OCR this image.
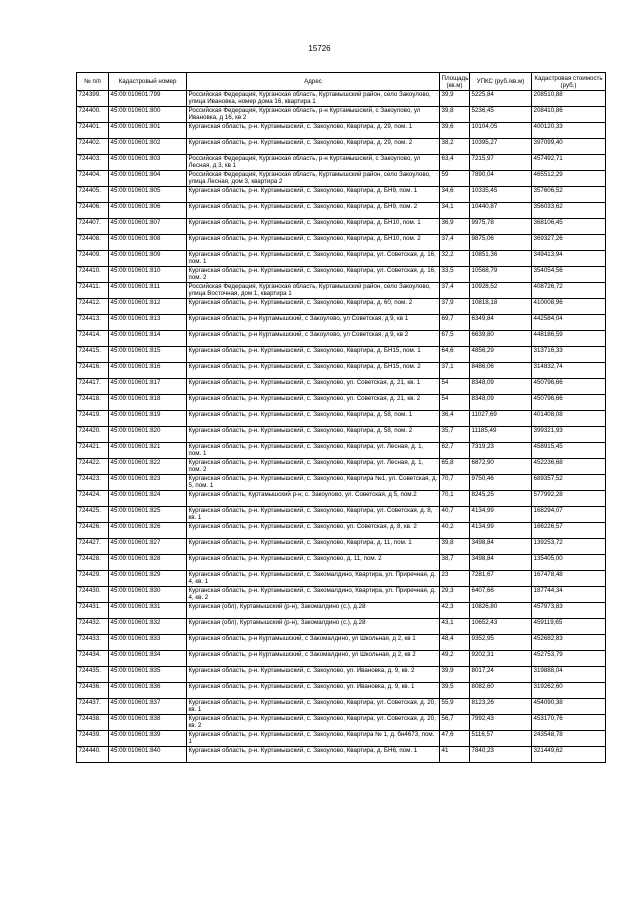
15726
№ п/п	Кадастровый номер	Адрес	Площадь (кв.м)	УПКС (руб./кв.м)	Кадастровая стоимость (руб.)
724399.	45:09:010601:799	Российская Федерация, Курганская область, Куртамышский район, село Закоулово, улица Ивановка, номер дома 16, квартира 1	39,9	5225,84	208510,88
724400.	45:09:010601:800	Российская Федерация, Курганская область, р-н Куртамышский, с Закоулово, ул Ивановка, д 16, кв 2	39,8	5236,45	208410,86
724401.	45:09:010601:801	Курганская область, р-н. Куртамышский, с. Закоулово, Квартира, д. 29, пом. 1	39,6	10104,05	400120,33
724402.	45:09:010601:802	Курганская область, р-н. Куртамышский, с. Закоулово, Квартира, д. 29, пом. 2	38,2	10395,27	397099,40
724403.	45:09:010601:803	Российская Федерация, Курганская область, р-н Куртамышский, с Закоулово, ул Лесная, д 3, кв 1	63,4	7215,97	457492,71
724404.	45:09:010601:804	Российская Федерация, Курганская область, Куртамышский район, село Закоулово, улица Лесная, дом 3, квартира 2	59	7890,04	465512,29
724405.	45:09:010601:805	Курганская область, р-н. Куртамышский, с. Закоулово, Квартира, д. БН9, пом. 1	34,6	10335,45	357606,52
724406.	45:09:010601:806	Курганская область, р-н. Куртамышский, с. Закоулово, Квартира, д. БН9, пом. 2	34,1	10440,87	356033,62
724407.	45:09:010601:807	Курганская область, р-н. Куртамышский, с. Закоулово, Квартира, д. БН10, пом. 1	36,9	9975,78	368106,45
724408.	45:09:010601:808	Курганская область, р-н. Куртамышский, с. Закоулово, Квартира, д. БН10, пом. 2	37,4	9875,06	369327,26
724409.	45:09:010601:809	Курганская область, р-н. Куртамышский, с. Закоулово, Квартира, ул. Советская, д. 16, пом. 1	32,2	10851,36	349413,94
724410.	45:09:010601:810	Курганская область, р-н. Куртамышский, с. Закоулово, Квартира, ул. Советская, д. 16, пом. 2	33,5	10568,79	354054,56
724411.	45:09:010601:811	Российская Федерация, Курганская область, Куртамышский район, село Закоулово, улица Восточная, дом 1, квартира 1	37,4	10928,52	408726,72
724412.	45:09:010601:812	Курганская область, р-н. Куртамышский, с. Закоулово, Квартира, д. 60, пом. 2	37,9	10818,18	410008,96
724413.	45:09:010601:813	Курганская область, р-н Куртамышский, с Закоулово, ул Советская, д 9, кв 1	69,7	6349,84	442584,04
724414.	45:09:010601:814	Курганская область, р-н Куртамышский, с Закоулово, ул Советская, д 9, кв 2	67,5	6639,80	448186,59
724415.	45:09:010601:815	Курганская область, р-н. Куртамышский, с. Закоулово, Квартира, д. БН15, пом. 1	64,6	4856,29	313716,33
724416.	45:09:010601:816	Курганская область, р-н. Куртамышский, с. Закоулово, Квартира, д. БН15, пом. 2	37,1	8486,06	314832,74
724417.	45:09:010601:817	Курганская область, р-н. Куртамышский, с. Закоулово, ул. Советская, д. 21, кв. 1	54	8348,09	450796,66
724418.	45:09:010601:818	Курганская область, р-н. Куртамышский, с. Закоулово, ул. Советская, д. 21, кв. 2	54	8348,09	450796,66
724419.	45:09:010601:819	Курганская область, р-н. Куртамышский, с. Закоулово, Квартира, д. 58, пом. 1	36,4	11027,69	401408,08
724420.	45:09:010601:820	Курганская область, р-н. Куртамышский, с. Закоулово, Квартира, д. 58, пом. 2	35,7	11185,49	399321,93
724421.	45:09:010601:821	Курганская область, р-н. Куртамышский, с. Закоулово, Квартира, ул. Лесная, д. 1, пом. 1	62,7	7319,23	458915,45
724422.	45:09:010601:822	Курганская область, р-н. Куртамышский, с. Закоулово, Квартира, ул. Лесная, д. 1, пом. 2	65,8	6872,90	452236,68
724423.	45:09:010601:823	Курганская область, р-н. Куртамышский, с. Закоулово, Квартира №1, ул. Советская, д. 5, пом. 1	70,7	9750,46	689357,52
724424.	45:09:010601:824	Курганская область, Куртамышский р-н, с. Закоулово, ул. Советская, д 5, пом.2	70,1	8245,25	577992,28
724425.	45:09:010601:825	Курганская область, р-н. Куртамышский, с. Закоулово, Квартира, ул. Советская, д. 8, кв. 1	40,7	4134,99	168294,07
724426.	45:09:010601:826	Курганская область, р-н. Куртамышский, с. Закоулово, ул. Советская, д. 8, кв. 2	40,2	4134,99	166226,57
724427.	45:09:010601:827	Курганская область, р-н. Куртамышский, с. Закоулово, Квартира, д. 11, пом. 1	39,8	3498,84	139253,72
724428.	45:09:010601:828	Курганская область, р-н. Куртамышский, с. Закоулово, д. 11, пом. 2	38,7	3498,84	135405,00
724429.	45:09:010601:829	Курганская область, р-н. Куртамышский, с. Закомалдино, Квартира, ул. Приречная, д. 4, кв. 1	23	7281,67	167478,48
724430.	45:09:010601:830	Курганская область, р-н. Куртамышский, с. Закомалдино, Квартира, ул. Приречная, д. 4, кв. 2	29,3	6407,66	187744,34
724431.	45:09:010601:831	Курганская (обл), Куртамышский (р-н), Закомалдино (с.), д.28	42,3	10826,80	457973,83
724432.	45:09:010601:832	Курганская (обл), Куртамышский (р-н), Закомалдино (с.), д.28	43,1	10652,43	459119,65
724433.	45:09:010601:833	Курганская область, р-н Куртамышский, с Закомалдино, ул Школьная, д 2, кв 1	48,4	9352,95	452682,83
724434.	45:09:010601:834	Курганская область, р-н Куртамышский, с Закомалдино, ул Школьная, д 2, кв 2	49,2	9202,31	452753,79
724435.	45:09:010601:835	Курганская область, р-н. Куртамышский, с. Закоулово, ул. Ивановка, д. 9, кв. 2	39,9	8017,24	319888,04
724436.	45:09:010601:836	Курганская область, р-н. Куртамышский, с. Закоулово, ул. Ивановка, д. 9, кв. 1	39,5	8082,60	319262,60
724437.	45:09:010601:837	Курганская область, р-н. Куртамышский, с. Закоулово, Квартира, ул. Советская, д. 20, кв. 1	55,9	8123,26	454090,38
724438.	45:09:010601:838	Курганская область, р-н. Куртамышский, с. Закоулово, Квартира, ул. Советская, д. 20, кв. 2	56,7	7992,43	453170,76
724439.	45:09:010601:839	Курганская область, р-н. Куртамышский, с. Закоулово, Квартира № 1, д. бн4673, пом. 1	47,6	5116,57	243548,78
724440.	45:09:010601:840	Курганская область, р-н. Куртамышский, с. Закоулово, Квартира, д. БН6, пом. 1	41	7840,23	321449,62
